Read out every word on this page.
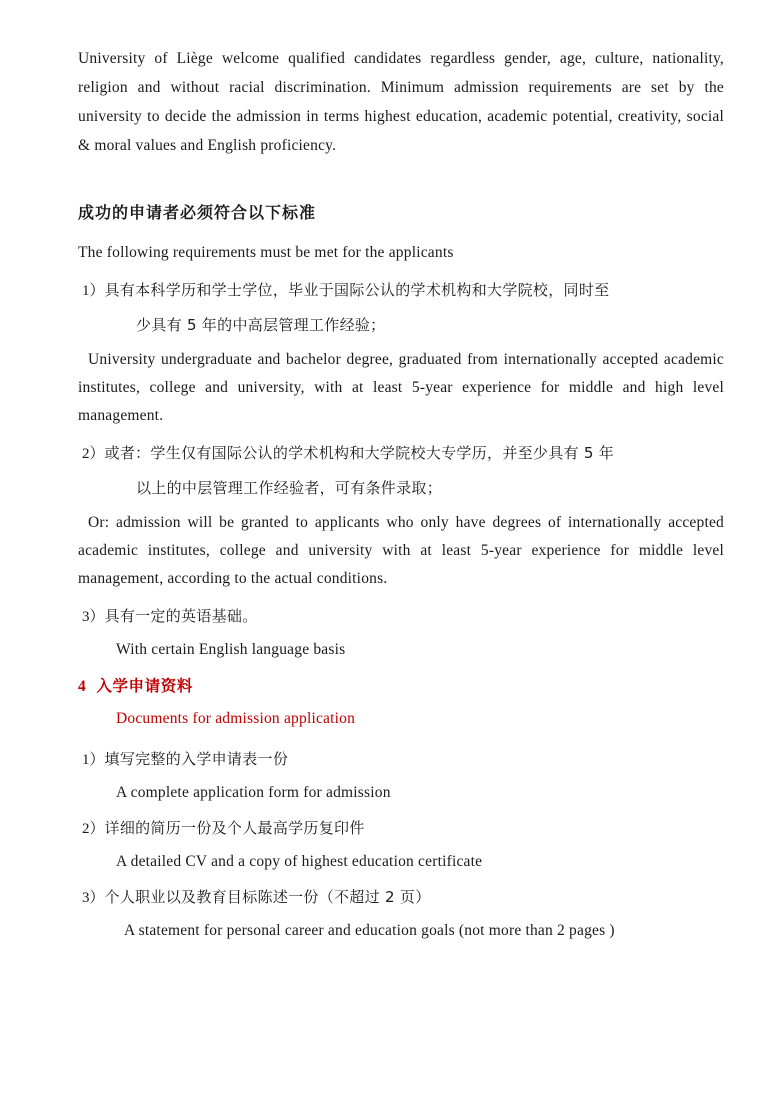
University of Liège welcome qualified candidates regardless gender, age, culture, nationality, religion and without racial discrimination. Minimum admission requirements are set by the university to decide the admission in terms highest education, academic potential, creativity, social & moral values and English proficiency.

成功的申请者必须符合以下标准

The following requirements must be met for the applicants

1）具有本科学历和学士学位，毕业于国际公认的学术机构和大学院校，同时至

少具有 5 年的中高层管理工作经验；

University undergraduate and bachelor degree, graduated from internationally accepted academic institutes, college and university, with at least 5-year experience for middle and high level management.

2）或者：学生仅有国际公认的学术机构和大学院校大专学历，并至少具有 5 年

以上的中层管理工作经验者，可有条件录取；

Or: admission will be granted to applicants who only have degrees of internationally accepted academic institutes, college and university with at least 5-year experience for middle level management, according to the actual conditions.

3）具有一定的英语基础。

With certain English language basis

4 入学申请资料

Documents for admission application

1）填写完整的入学申请表一份

A complete application form for admission

2）详细的简历一份及个人最高学历复印件

A detailed CV and a copy of highest education certificate

3）个人职业以及教育目标陈述一份（不超过 2 页）

A statement for personal career and education goals (not more than 2 pages )
